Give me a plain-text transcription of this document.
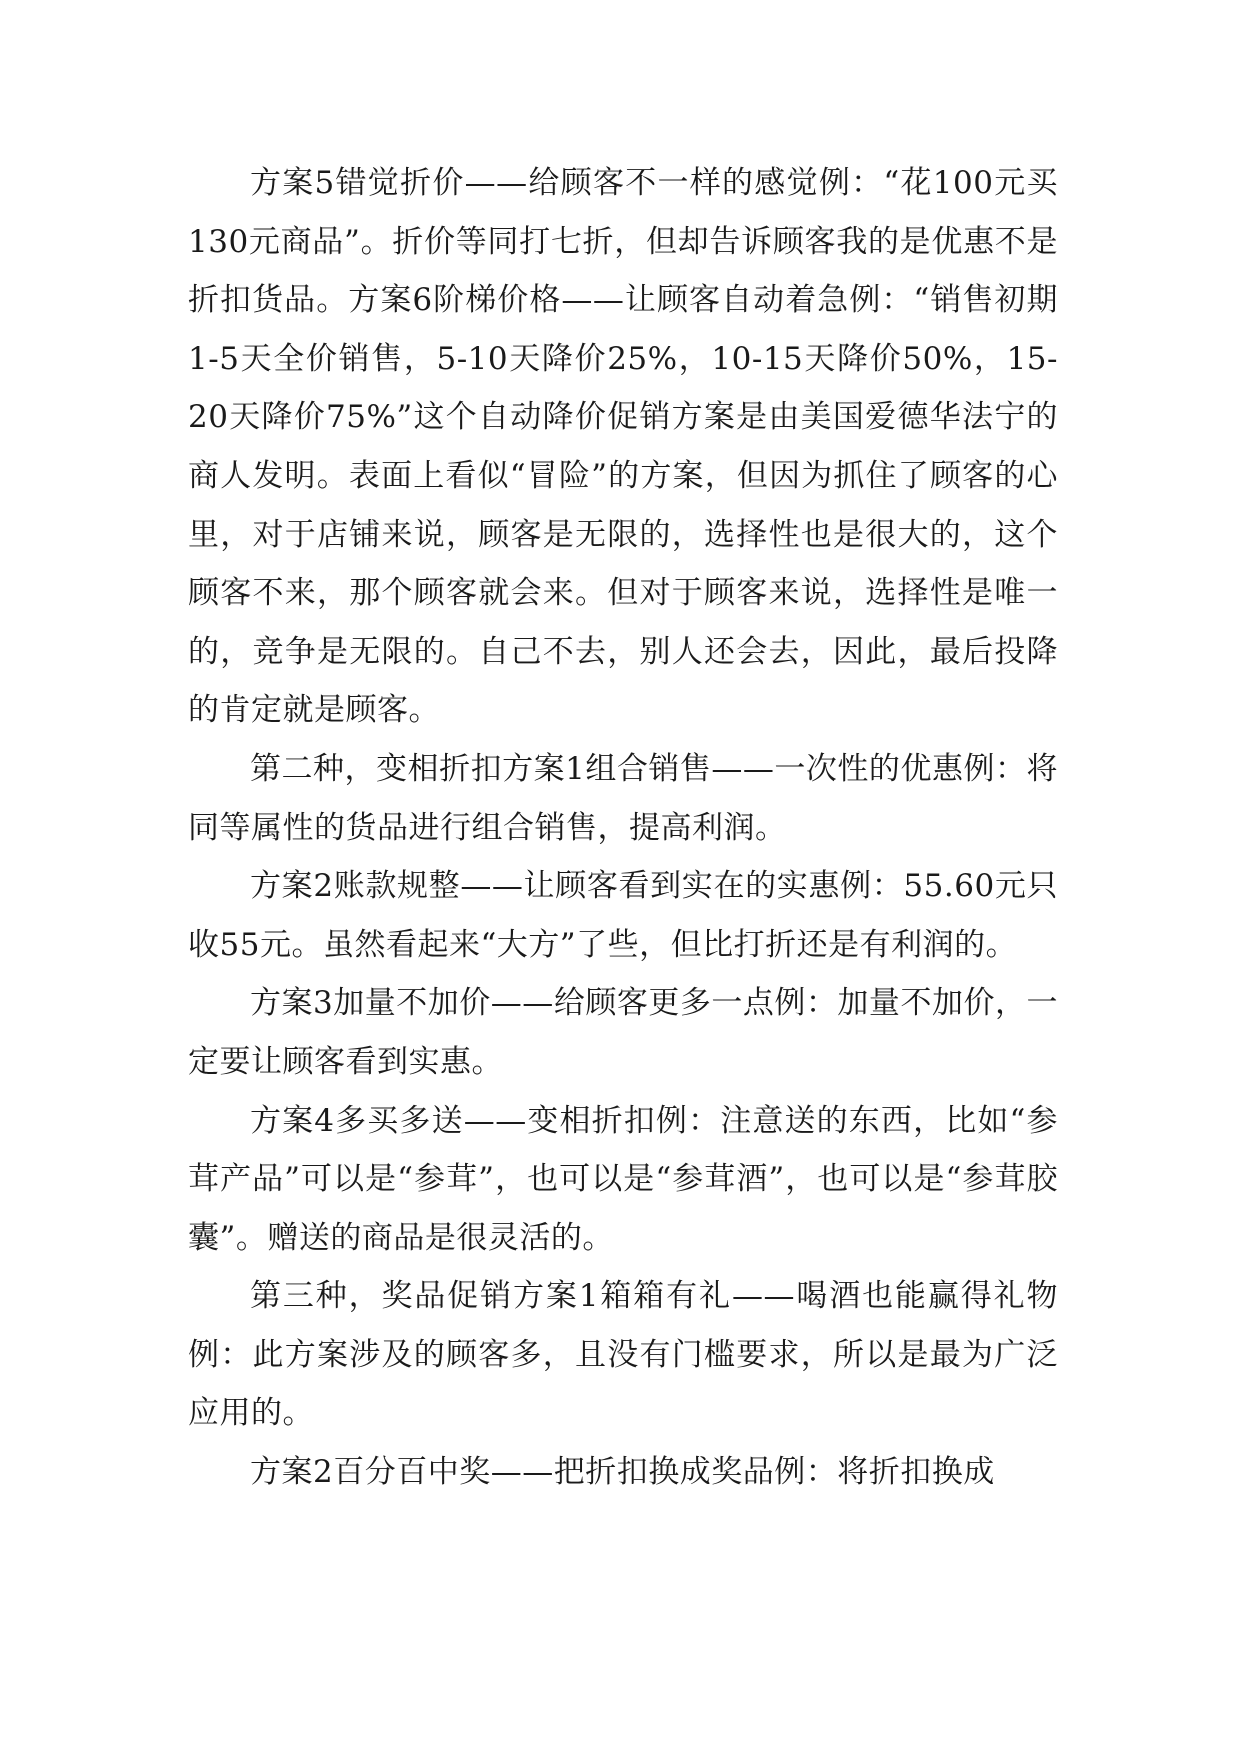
方案5错觉折价——给顾客不一样的感觉例：“花100元买130元商品”。折价等同打七折，但却告诉顾客我的是优惠不是折扣货品。方案6阶梯价格——让顾客自动着急例：“销售初期1-5天全价销售，5-10天降价25%，10-15天降价50%，15-20天降价75%”这个自动降价促销方案是由美国爱德华法宁的商人发明。表面上看似“冒险”的方案，但因为抓住了顾客的心里，对于店铺来说，顾客是无限的，选择性也是很大的，这个顾客不来，那个顾客就会来。但对于顾客来说，选择性是唯一的，竞争是无限的。自己不去，别人还会去，因此，最后投降的肯定就是顾客。

第二种，变相折扣方案1组合销售——一次性的优惠例：将同等属性的货品进行组合销售，提高利润。

方案2账款规整——让顾客看到实在的实惠例：55.60元只收55元。虽然看起来“大方”了些，但比打折还是有利润的。

方案3加量不加价——给顾客更多一点例：加量不加价，一定要让顾客看到实惠。

方案4多买多送——变相折扣例：注意送的东西，比如“参茸产品”可以是“参茸”，也可以是“参茸酒”，也可以是“参茸胶囊”。赠送的商品是很灵活的。

第三种，奖品促销方案1箱箱有礼——喝酒也能赢得礼物例：此方案涉及的顾客多，且没有门槛要求，所以是最为广泛应用的。

方案2百分百中奖——把折扣换成奖品例：将折扣换成
